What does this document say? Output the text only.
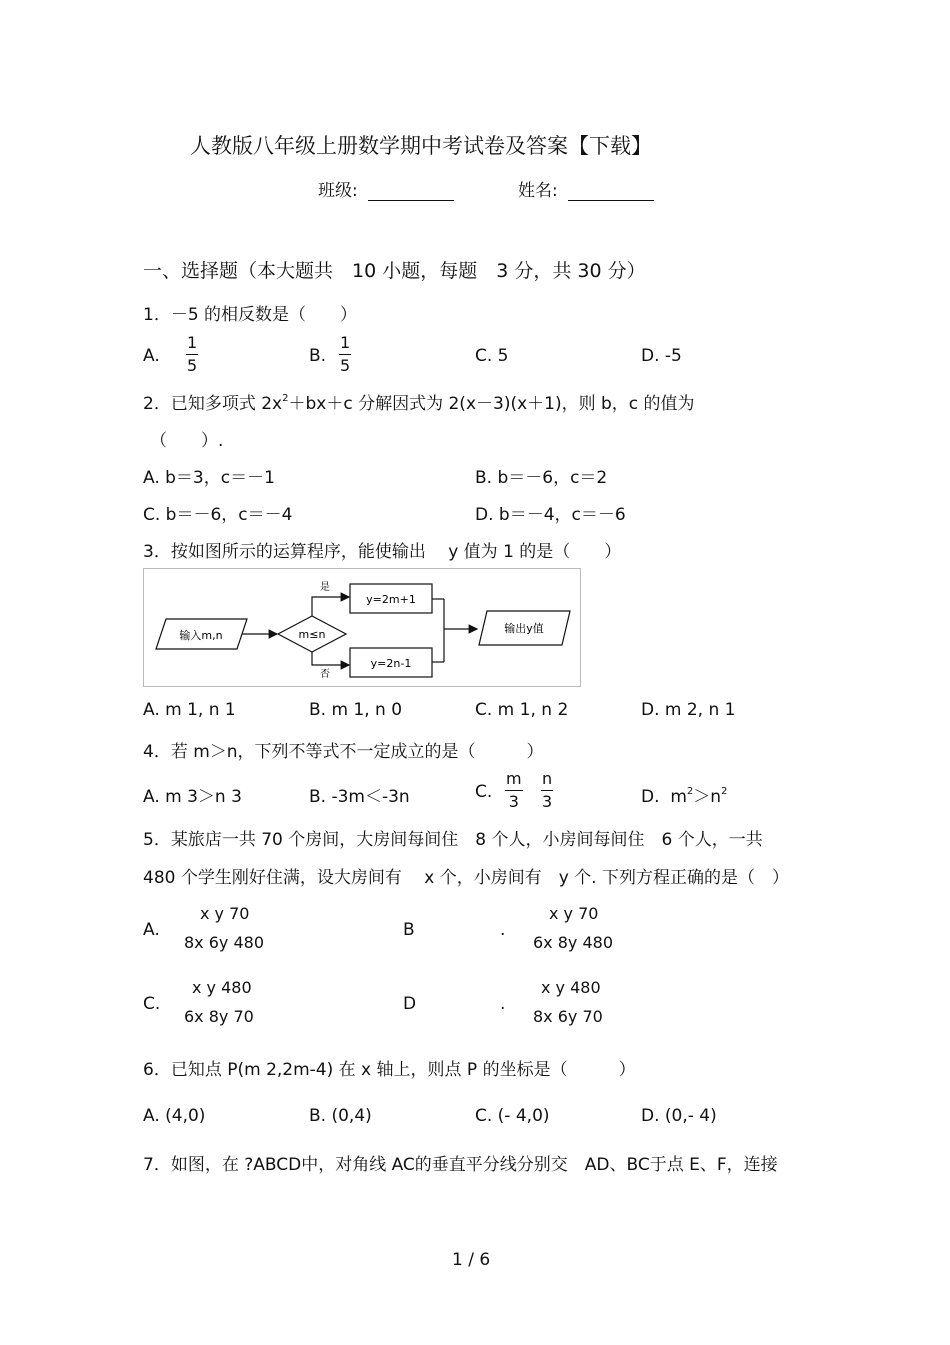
人教版八年级上册数学期中考试卷及答案【下载】
班级:	姓名:
一、选择题（本大题共　10 小题，每题　3 分，共 30 分）
1．－5 的相反数是（　　）
A. $\frac{1}{5}$	B. $\frac{1}{5}$	C. 5	D. -5
2．已知多项式 $2x^2+bx+c$ 分解因式为 2(x－3)(x＋1)，则 b，c 的值为
（　　）.
A. b＝3，c＝－1	B. b＝－6，c＝2
C. b＝－6，c＝－4	D. b＝－4，c＝－6
3．按如图所示的运算程序，能使输出　 y 值为 1 的是（　　）
输入m,n	m≤n
是
否
y=2m+1
y=2n-1
输出y值
A. m 1, n 1	B. m 1, n 0	C. m 1, n 2	D. m 2, n 1
4．若 m＞n，下列不等式不一定成立的是（　　　）
A. m 3＞n 3	B. -3m＜-3n	C. $\frac{m}{3} \frac{n}{3}$	D. $m^2>n^2$
5．某旅店一共 70 个房间，大房间每间住　8 个人，小房间每间住　6 个人，一共
480 个学生刚好住满，设大房间有　 x 个，小房间有　y 个. 下列方程正确的是（　）
A.
x y 70
8x 6y 480
B	.
x y 70
6x 8y 480
C.
x y 480
6x 8y 70
D	.
x y 480
8x 6y 70
6．已知点 P(m 2,2m-4) 在 x 轴上，则点 P 的坐标是（　　　）
A. (4,0)	B. (0,4)	C. (- 4,0)	D. (0,- 4)
7．如图，在 ?ABCD中，对角线 AC的垂直平分线分别交　AD、BC于点 E、F，连接
1 / 6
